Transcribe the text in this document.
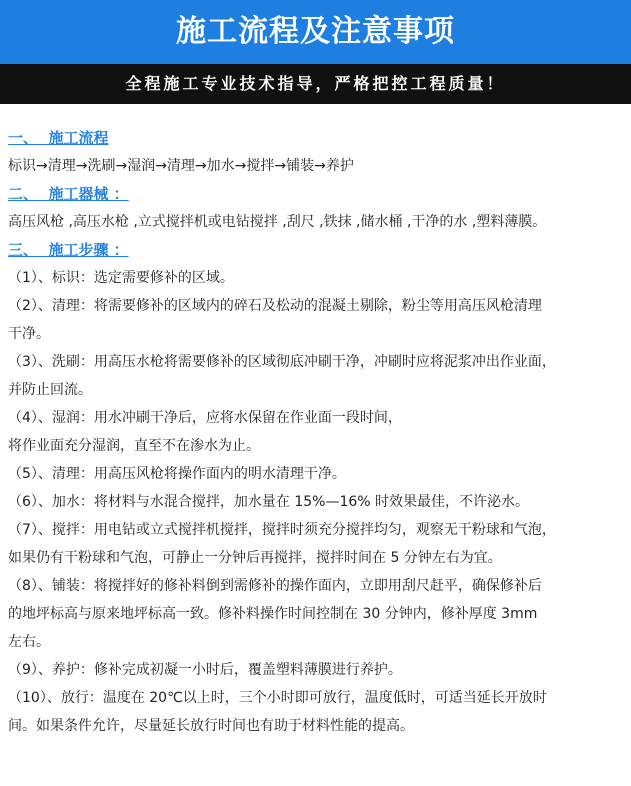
施工流程及注意事项
全程施工专业技术指导，严格把控工程质量！
一、  施工流程
标识→清理→洗刷→湿润→清理→加水→搅拌→铺装→养护
二、  施工器械 ：
高压风枪 ,高压水枪 ,立式搅拌机或电钻搅拌 ,刮尺 ,铁抹 ,储水桶 ,干净的水 ,塑料薄膜。
三、  施工步骤 ：
（1）、标识：选定需要修补的区域。
（2）、清理：将需要修补的区域内的碎石及松动的混凝土剔除，粉尘等用高压风枪清理
干净。
（3）、洗刷：用高压水枪将需要修补的区域彻底冲刷干净，冲刷时应将泥浆冲出作业面，
并防止回流。
（4）、湿润：用水冲刷干净后，应将水保留在作业面一段时间，
将作业面充分湿润，直至不在渗水为止。
（5）、清理：用高压风枪将操作面内的明水清理干净。
（6）、加水：将材料与水混合搅拌，加水量在 15%—16% 时效果最佳，不许泌水。
（7）、搅拌：用电钻或立式搅拌机搅拌，搅拌时须充分搅拌均匀，观察无干粉球和气泡，
如果仍有干粉球和气泡，可静止一分钟后再搅拌，搅拌时间在 5 分钟左右为宜。
（8）、铺装：将搅拌好的修补料倒到需修补的操作面内，立即用刮尺赶平，确保修补后
的地坪标高与原来地坪标高一致。修补料操作时间控制在 30 分钟内，修补厚度 3mm
左右。
（9）、养护：修补完成初凝一小时后，覆盖塑料薄膜进行养护。
（10）、放行：温度在 20℃以上时，三个小时即可放行，温度低时，可适当延长开放时
间。如果条件允许，尽量延长放行时间也有助于材料性能的提高。
